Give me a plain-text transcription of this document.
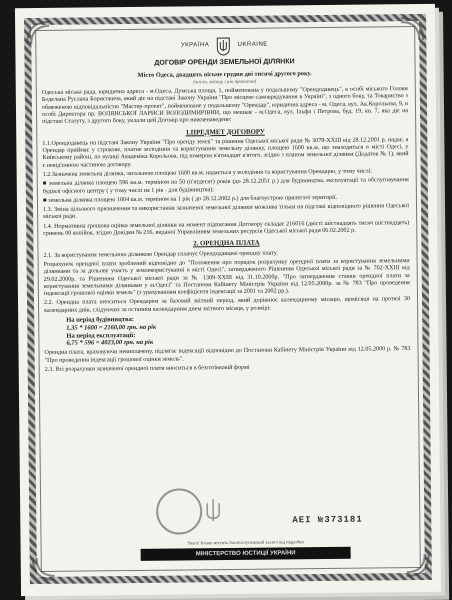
УКРАЇНА	UKRAINE
ДОГОВІР ОРЕНДИ ЗЕМЕЛЬНОЇ ДІЛЯНКИ
Місто Одеса, двадцять вісьме грудня дві тисячі другого року.
(число, місяць і рік прописом)

Одеська міська рада, юридична адреса - м.Одеса, Думська площа, 1, пойменована у подальшому "Орендодавець", в особі міського Голови Боделана Руслана Борисовича, який діє на підставі Закону України "Про місцеве самоврядування в Україні", з одного боку, та Товариство з обмеженою відповідальністю "Мастер-проект", пойменоване у подальшому "Орендар", юридична адреса - м. Одеса, вул. Ак.Корольова, 9, в особі Директора пр. ВОЛЯНСЬКОЇ ЛАРИСИ ВОЛОДИМИРІВНИ, що мешкає - м.Одеса, вул. Ільфа і Петрова, буд. 19, кв. 7, яка діє на підставі Статуту, з другого боку, уклали цей Договір про нижченаведене:

1.ПРЕДМЕТ ДОГОВОРУ

1.1.Орендодавець на підставі Закону України "Про оренду землі" та рішення Одеської міської ради № 3078-XXIII від 28.12.2001 р. надає, а Орендар приймає у строкове, платне володіння та користування земельну ділянку, площею 1600 кв.м, що знаходиться в місті Одесі, у Київському районі, по вулиці Академіка Корольова, під номером в'ятнадцят в'ятого, згідно з планом земельної ділянки (Додаток № 1), який є невід'ємною частиною договору.

1.2.Зазначена земельна ділянка, загальною площею 1600 кв.м. надається у володіння та користування Орендарю, у тому числі:

■ земельна ділянка площею 596 кв.м. терміном на 50 (п'ятдесят) років (до 28.12.2051 р.) для будівництва, експлуатації та обслуговування будівлі офісного центру ( у тому числі на 1 рік - для будівництва);

■ земельна ділянка площею 1004 кв.м. терміном на 1 рік ( до 28.12.2002 р.) для благоустрою прилеглої території.

1.3. Зміна цільового призначення та використання зазначеної земельної ділянки можлива тільки на підставі відповідного рішення Одеської міської ради.

1.4. Нормативна грошова оцінка земельної ділянки на момент підписання Договору складає 216016 (двісті шістнадцять тисяч шістнадцять) гривень 00 копійок, згідно Довідки № 216, виданої Управлінням земельних ресурсів Одеської міської ради 06.02.2002 р.

2. ОРЕНДНА ПЛАТА

2.1. За користування земельною ділянкою Орендар сплачує Орендодавцеві орендну плату.

Розрахунок орендної плати зроблений відповідно до "Положення про порядок розрахунку орендної плати за користування земельними ділянками та за дольову участь у землекористуванні в місті Одесі", затвердженого Рішенням Одеської міської ради за № 702-XXIII від 29.02.2000р. та Рішенням Одеської міської ради за № 1309-XXIII від 31.10.2000р. "Про затвердження ставки орендної плати за користування земельними ділянками у м.Одесі" та Постанови Кабінету Міністрів України від 12.05.2000р. за № 783 "Про проведення індексації грошової оцінки земель" (з урахуванням коефіцієнта індексації за 2001 та 2002 рр.).

2.2. Орендна плата вноситься Орендарем за базовий звітний період, який дорівнює календарному місяцю, щомісяця на протязі 30 календарних днів, слідуючих за останнім календарним днем звітного місяця, у розмірі:

На період будівництва:
1,35 * 1600 = 2160,00 грн. на рік
На період експлуатації:
6,75 * 596 = 4023,00 грн. на рік

Орендна плата, враховуючи невиплачену, підлягає індексації відповідно до Постанови Кабінету Міністрів України від 12.05.2000 р. № 783 "Про проведення індексації грошової оцінки земель".

2.3. Всі розрахунки зазначеної орендної плати вноситься в безготівковій формі

АЕІ №373181
Увага! Бланк містить багатоступеневий захист від підробки
МІНІСТЕРСТВО ЮСТИЦІЇ УКРАЇНИ
